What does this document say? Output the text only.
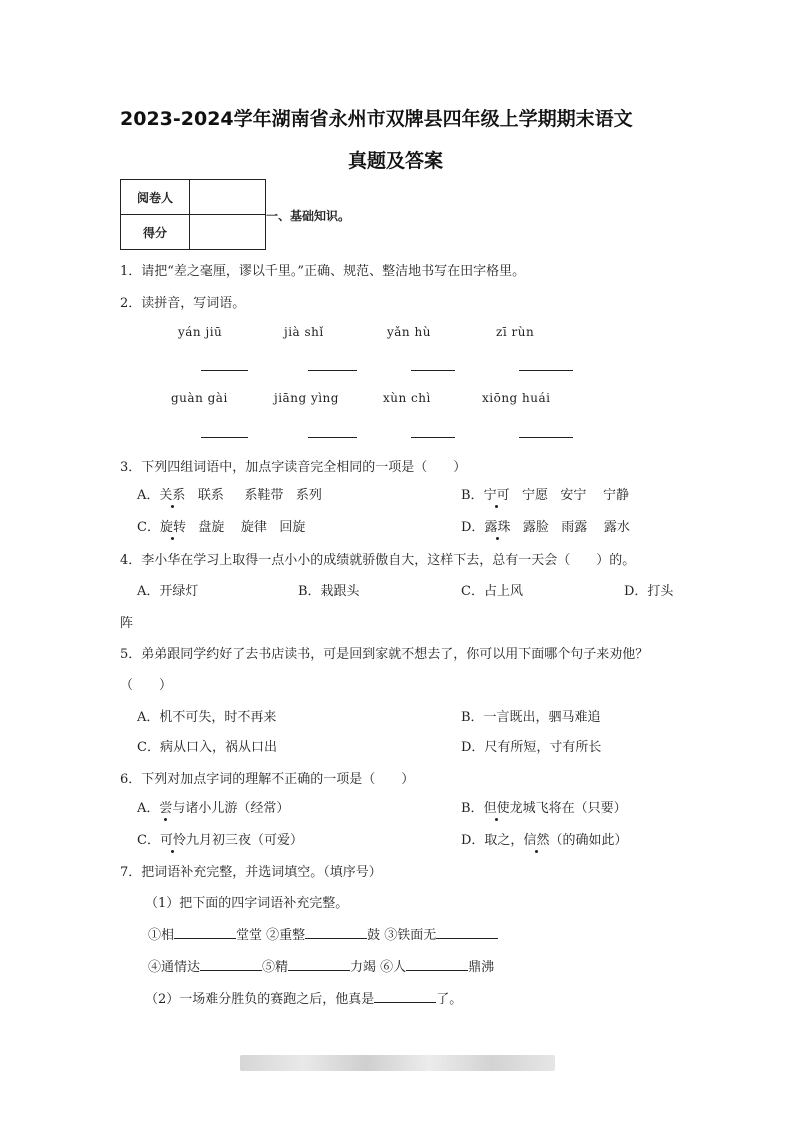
2023-2024学年湖南省永州市双牌县四年级上学期期末语文
真题及答案
阅卷人	
得分	
一、基础知识。
1．请把“差之毫厘，谬以千里。”正确、规范、整洁地书写在田字格里。
2．读拼音，写词语。
yán jiū	jià shǐ	yǎn hù	zī rùn
guàn gài	jiāng yìng	xùn chì	xiōng huái
3．下列四组词语中，加点字读音完全相同的一项是（　　）
A．关系 联系 系鞋带 系列	B．宁可 宁愿 安宁 宁静
C．旋转 盘旋 旋律 回旋	D．露珠 露脸 雨露 露水
4．李小华在学习上取得一点小小的成绩就骄傲自大，这样下去，总有一天会（　　）的。
A．开绿灯	B．栽跟头	C．占上风	D．打头
阵
5．弟弟跟同学约好了去书店读书，可是回到家就不想去了，你可以用下面哪个句子来劝他？
（　　）
A．机不可失，时不再来	B．一言既出，驷马难追
C．病从口入，祸从口出	D．尺有所短，寸有所长
6．下列对加点字词的理解不正确的一项是（　　）
A．尝与诸小儿游（经常）	B．但使龙城飞将在（只要）
C．可怜九月初三夜（可爱）	D．取之，信然（的确如此）
7．把词语补充完整，并选词填空。（填序号）
（1）把下面的四字词语补充完整。
①相	堂堂 ②重整	鼓 ③铁面无
④通情达	⑤精	力竭 ⑥人	鼎沸
（2）一场难分胜负的赛跑之后，他真是	了。
